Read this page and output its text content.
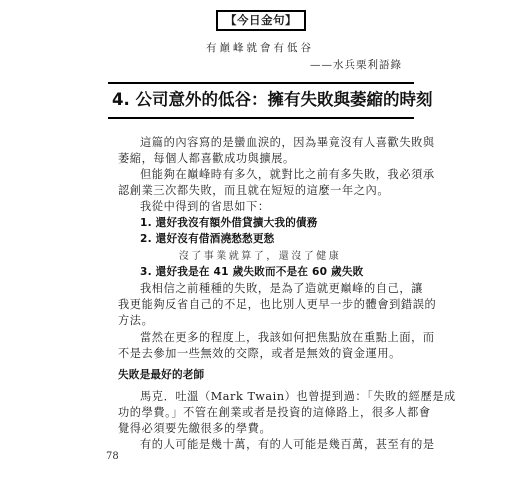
【今日金句】
有巔峰就會有低谷
——水兵栗利語錄
4. 公司意外的低谷：擁有失敗與萎縮的時刻
這篇的內容寫的是蠻血淚的，因為畢竟沒有人喜歡失敗與
萎縮，每個人都喜歡成功與擴展。
但能夠在巔峰時有多久，就對比之前有多失敗，我必須承
認創業三次都失敗，而且就在短短的這麼一年之內。
我從中得到的省思如下：
1. 還好我沒有額外借貸擴大我的債務
2. 還好沒有借酒澆愁愁更愁
沒了事業就算了，還沒了健康
3. 還好我是在 41 歲失敗而不是在 60 歲失敗
我相信之前種種的失敗，是為了造就更巔峰的自己，讓
我更能夠反省自己的不足，也比別人更早一步的體會到錯誤的
方法。
當然在更多的程度上，我該如何把焦點放在重點上面，而
不是去參加一些無效的交際，或者是無效的資金運用。
失敗是最好的老師
馬克．吐溫（Mark Twain）也曾提到過：「失敗的經歷是成
功的學費。」不管在創業或者是投資的這條路上，很多人都會
覺得必須要先繳很多的學費。
有的人可能是幾十萬，有的人可能是幾百萬，甚至有的是
78
